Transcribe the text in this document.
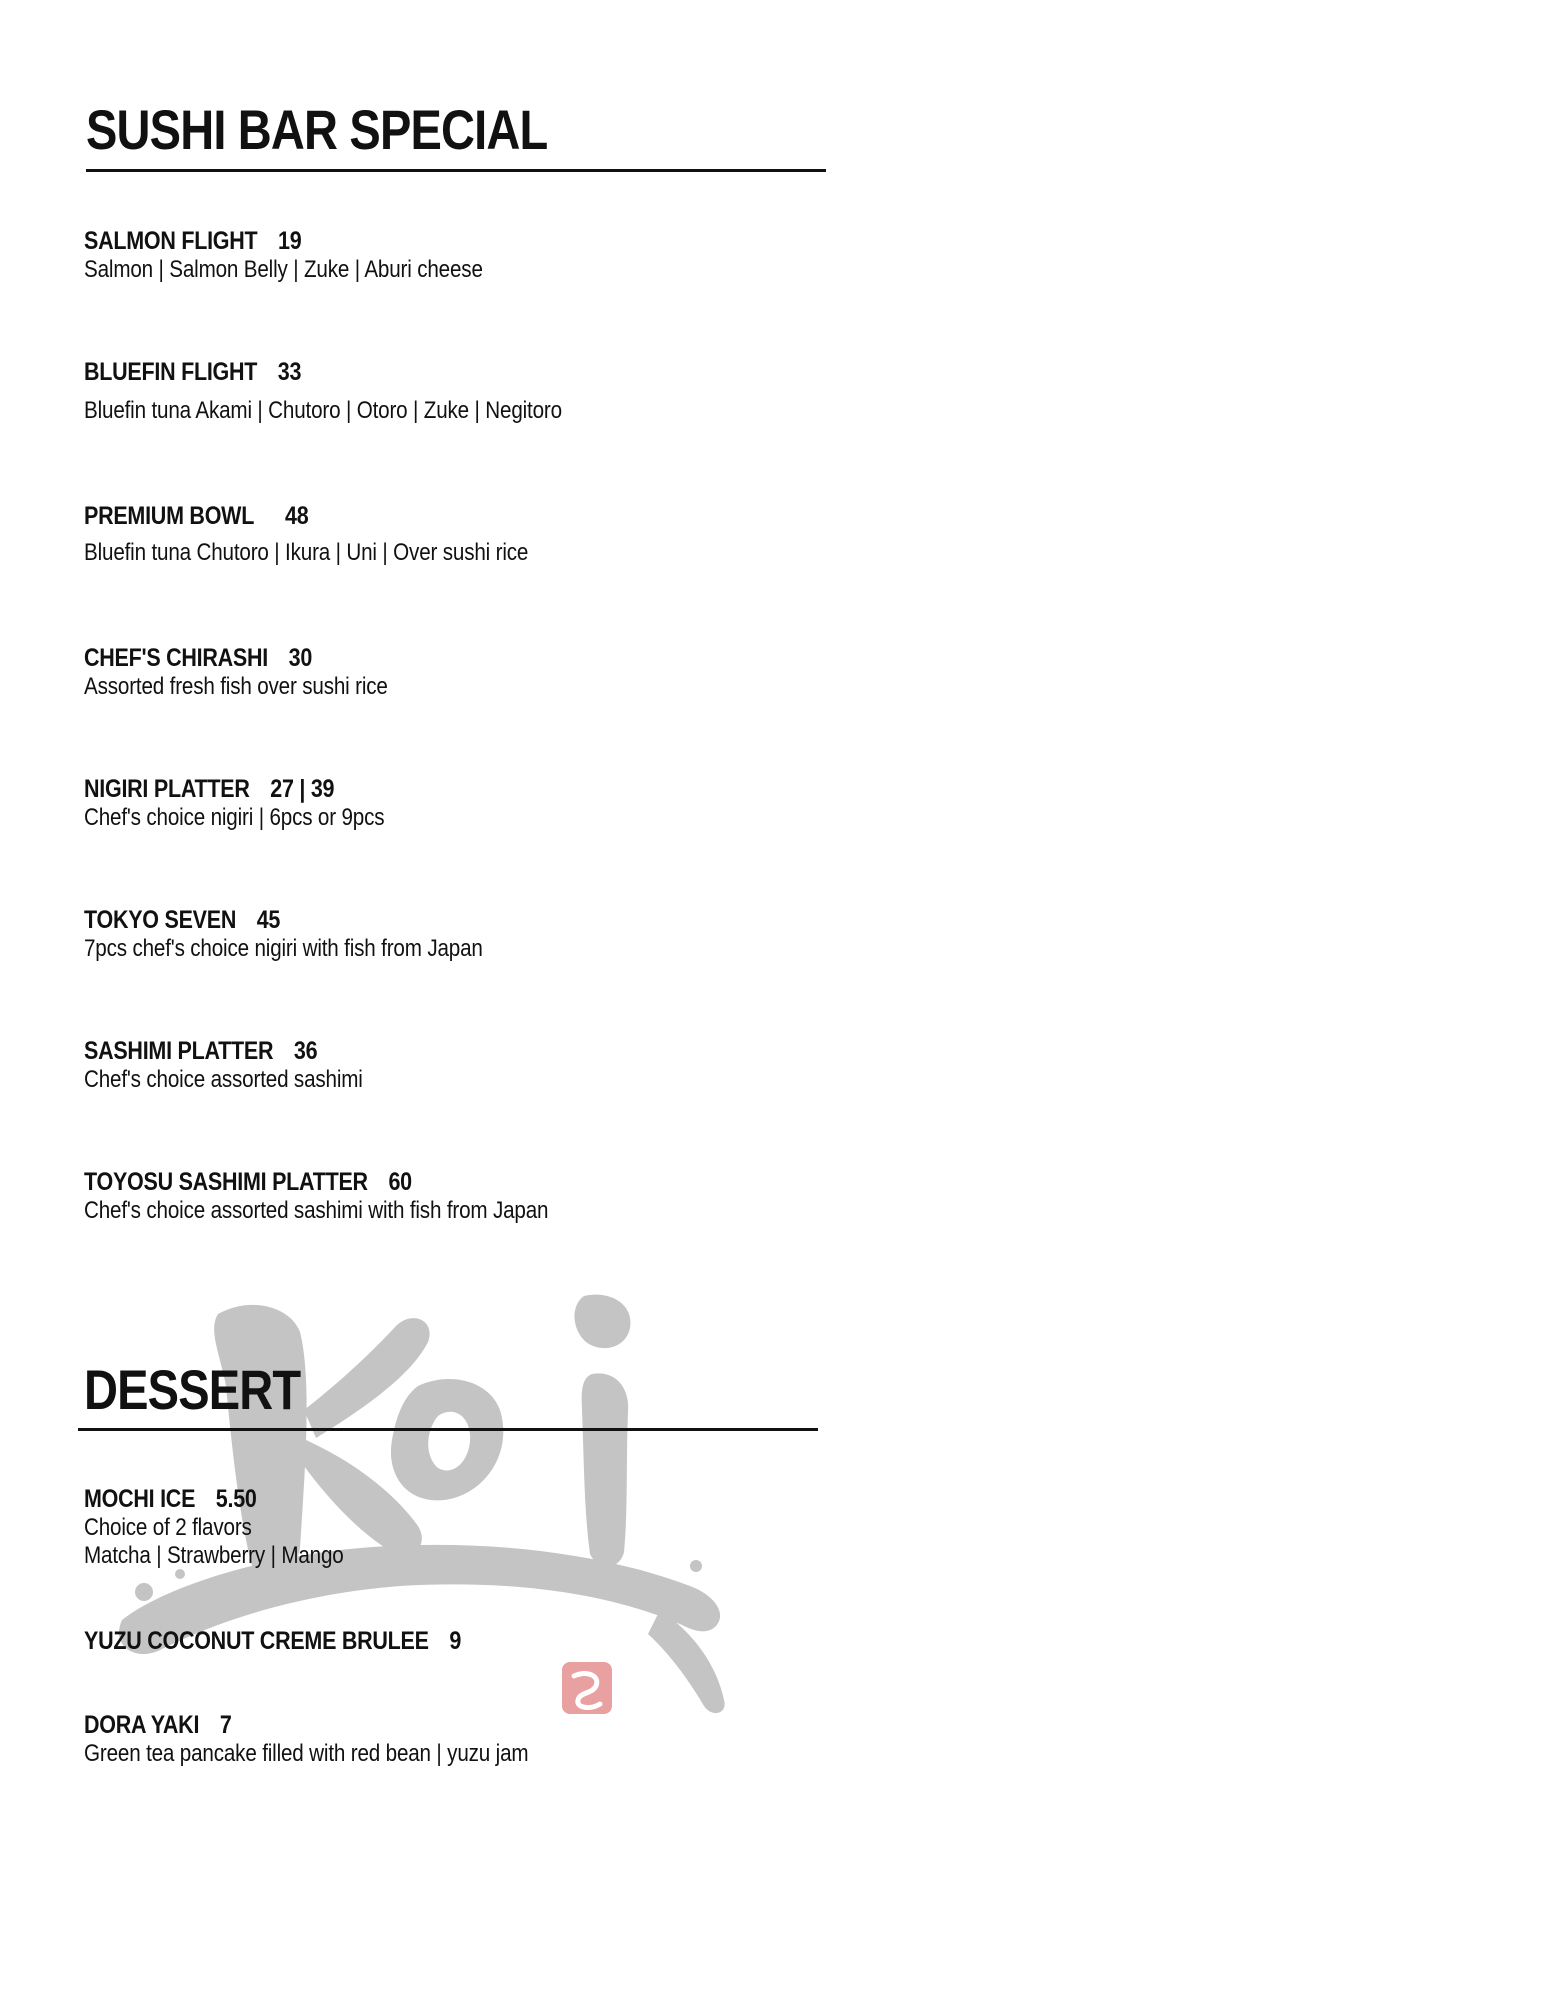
SUSHI BAR SPECIAL
SALMON FLIGHT 19
Salmon | Salmon Belly | Zuke | Aburi cheese
BLUEFIN FLIGHT 33
Bluefin tuna Akami | Chutoro | Otoro | Zuke | Negitoro
PREMIUM BOWL 48
Bluefin tuna Chutoro | Ikura | Uni | Over sushi rice
CHEF'S CHIRASHI 30
Assorted fresh fish over sushi rice
NIGIRI PLATTER 27 | 39
Chef's choice nigiri | 6pcs or 9pcs
TOKYO SEVEN 45
7pcs chef's choice nigiri with fish from Japan
SASHIMI PLATTER 36
Chef's choice assorted sashimi
TOYOSU SASHIMI PLATTER 60
Chef's choice assorted sashimi with fish from Japan
DESSERT
MOCHI ICE 5.50
Choice of 2 flavors
Matcha | Strawberry | Mango
YUZU COCONUT CREME BRULEE 9
DORA YAKI 7
Green tea pancake filled with red bean | yuzu jam
